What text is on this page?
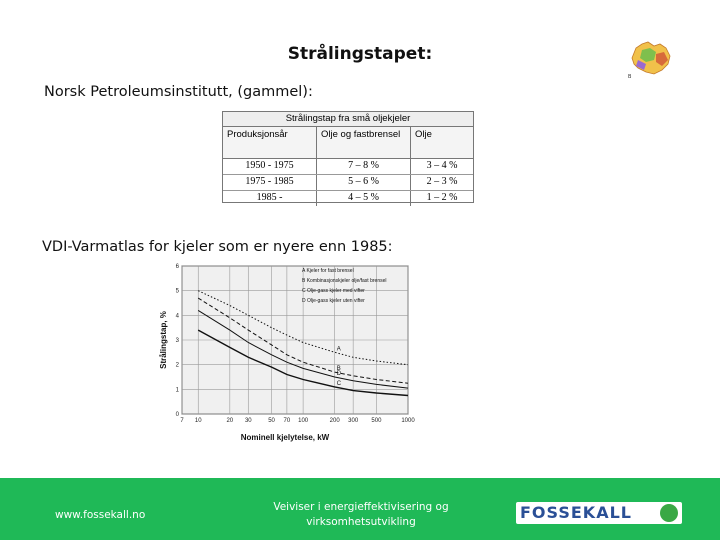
Strålingstapet:
B
Norsk Petroleumsinstitutt, (gammel):
Strålingstap fra små oljekjeler
Produksjonsår	Olje og fastbrensel	Olje
1950 - 1975	7 – 8 %	3 – 4 %
1975 - 1985	5 – 6 %	2 – 3 %
1985 -	4 – 5 %	1 – 2 %
VDI-Varmatlas for kjeler som er nyere enn 1985:
7 10	20 30	50 70 100	200 300 500	1000
0
1
2
3
4
5
6
Strålingstap, %
Nominell kjelytelse, kW
A Kjeler for fast brensel
B Kombinasjonskjeler olje/fast brensel
C Olje-gass kjeler med vifter
D Olje-gass kjeler uten vifter
A
B
C
D
www.fossekall.no
Veiviser i energieffektivisering og virksomhetsutvikling	FOSSEKALL
